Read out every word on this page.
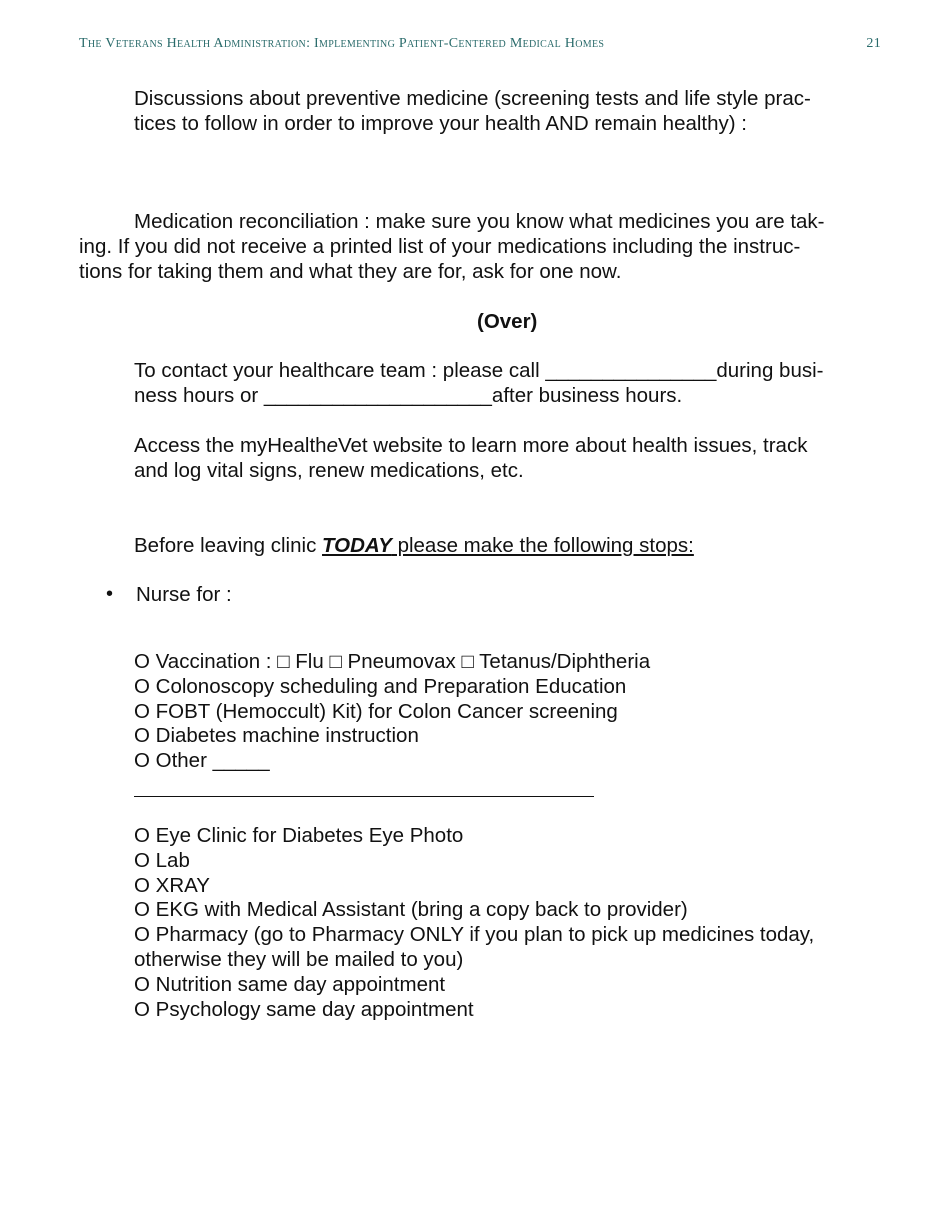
The Veterans Health Administration: Implementing Patient-Centered Medical Homes	21
Discussions about preventive medicine (screening tests and life style prac-
tices to follow in order to improve your health AND remain healthy) :
Medication reconciliation : make sure you know what medicines you are tak-
ing. If you did not receive a printed list of your medications including the instruc-
tions for taking them and what they are for, ask for one now.
(Over)
To contact your healthcare team : please call _______________during busi-
ness hours or ____________________after business hours.
Access the myHealtheVet website to learn more about health issues, track
and log vital signs, renew medications, etc.
Before leaving clinic TODAY please make the following stops:
• Nurse for :
O Vaccination : □ Flu □ Pneumovax □ Tetanus/Diphtheria
O Colonoscopy scheduling and Preparation Education
O FOBT (Hemoccult) Kit) for Colon Cancer screening
O Diabetes machine instruction
O Other _____
O Eye Clinic for Diabetes Eye Photo
O Lab
O XRAY
O EKG with Medical Assistant (bring a copy back to provider)
O Pharmacy (go to Pharmacy ONLY if you plan to pick up medicines today,
otherwise they will be mailed to you)
O Nutrition same day appointment
O Psychology same day appointment
